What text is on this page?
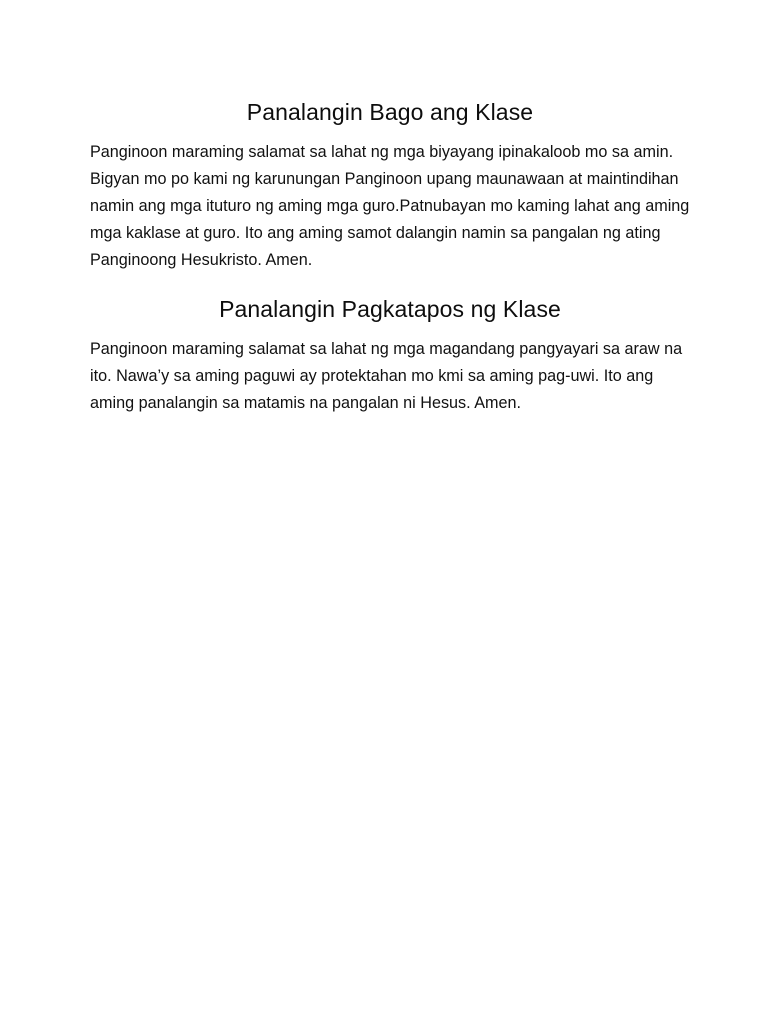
Panalangin Bago ang Klase

Panginoon maraming salamat sa lahat ng mga biyayang ipinakaloob mo sa amin. Bigyan mo po kami ng karunungan Panginoon upang maunawaan at maintindihan namin ang mga ituturo ng aming mga guro.Patnubayan mo kaming lahat ang aming mga kaklase at guro. Ito ang aming samot dalangin namin sa pangalan ng ating Panginoong Hesukristo. Amen.

Panalangin Pagkatapos ng Klase

Panginoon maraming salamat sa lahat ng mga magandang pangyayari sa araw na ito. Nawa’y sa aming paguwi ay protektahan mo kmi sa aming pag-uwi. Ito ang aming panalangin sa matamis na pangalan ni Hesus. Amen.
